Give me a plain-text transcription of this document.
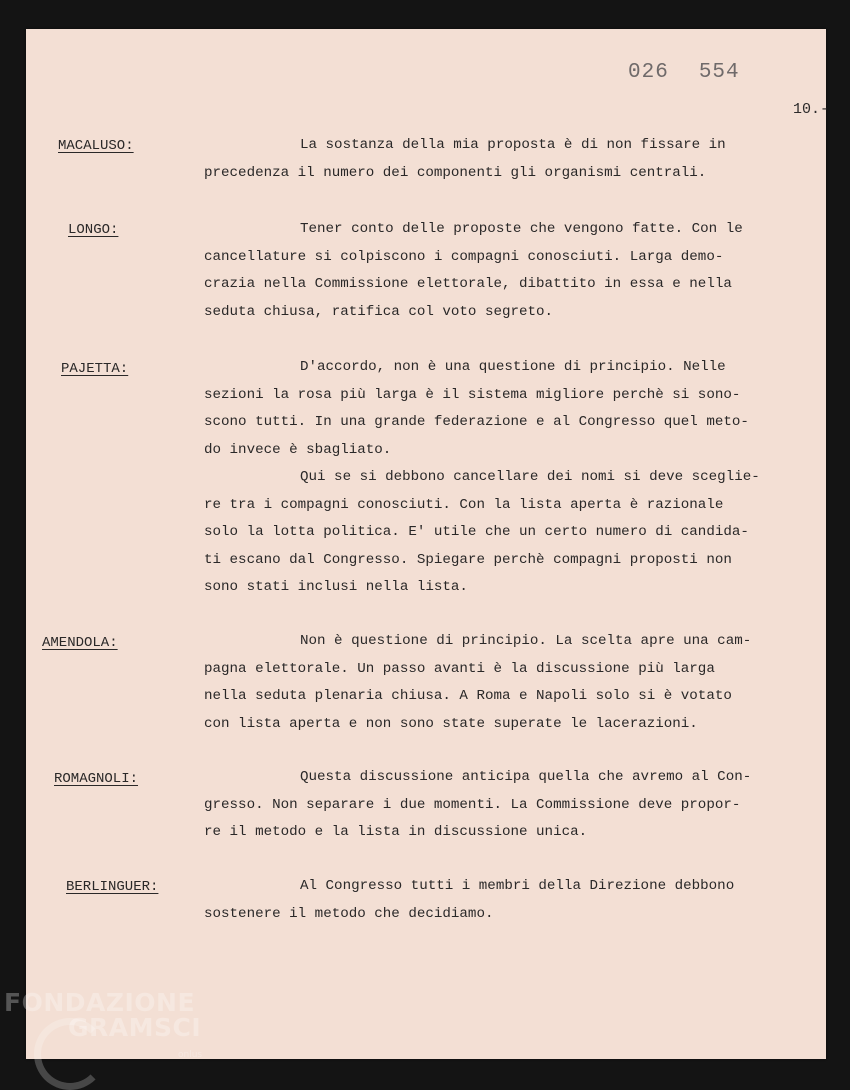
026 554
10.-
MACALUSO:	La sostanza della mia proposta è di non fissare in
precedenza il numero dei componenti gli organismi centrali.
LONGO:	Tener conto delle proposte che vengono fatte. Con le
cancellature si colpiscono i compagni conosciuti. Larga demo-
crazia nella Commissione elettorale, dibattito in essa e nella
seduta chiusa, ratifica col voto segreto.
PAJETTA:	D'accordo, non è una questione di principio. Nelle
sezioni la rosa più larga è il sistema migliore perchè si sono-
scono tutti. In una grande federazione e al Congresso quel meto-
do invece è sbagliato.
Qui se si debbono cancellare dei nomi si deve sceglie-
re tra i compagni conosciuti. Con la lista aperta è razionale
solo la lotta politica. E' utile che un certo numero di candida-
ti escano dal Congresso. Spiegare perchè compagni proposti non
sono stati inclusi nella lista.
AMENDOLA:	Non è questione di principio. La scelta apre una cam-
pagna elettorale. Un passo avanti è la discussione più larga
nella seduta plenaria chiusa. A Roma e Napoli solo si è votato
con lista aperta e non sono state superate le lacerazioni.
ROMAGNOLI:	Questa discussione anticipa quella che avremo al Con-
gresso. Non separare i due momenti. La Commissione deve propor-
re il metodo e la lista in discussione unica.
BERLINGUER:	Al Congresso tutti i membri della Direzione debbono
sostenere il metodo che decidiamo.
FONDAZIONE
GRAMSCI
onlus
